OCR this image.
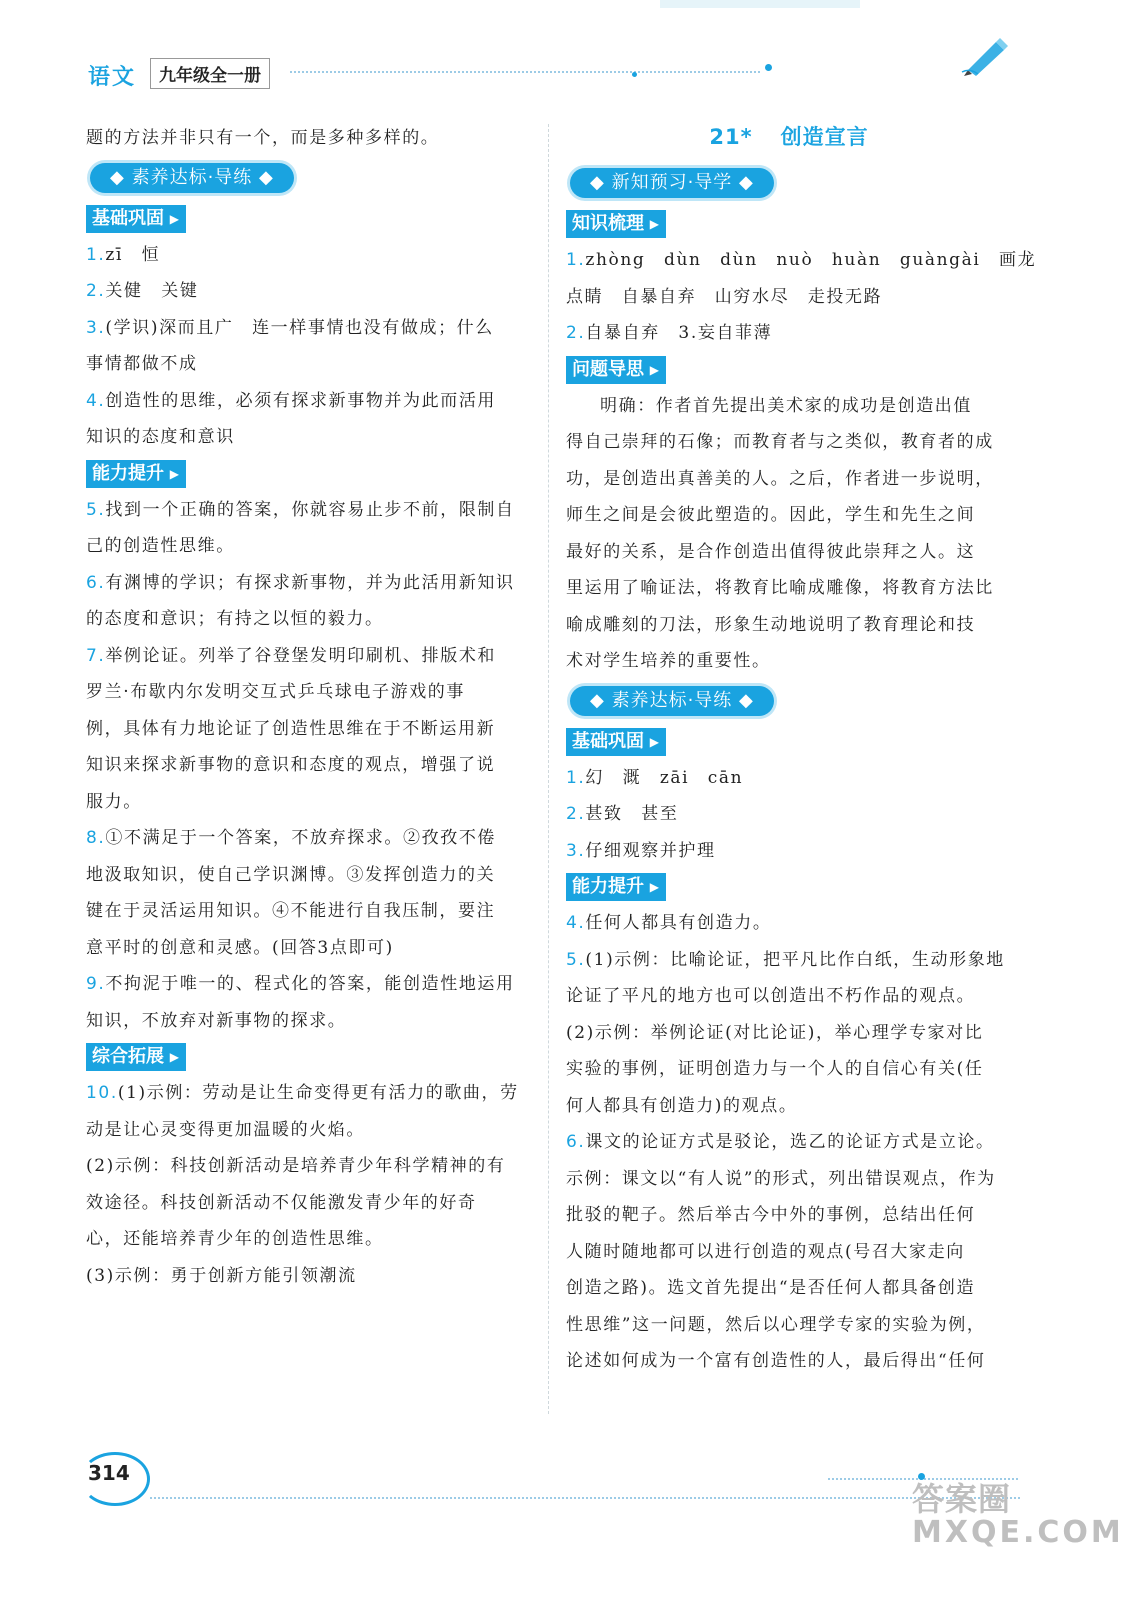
语文	九年级全一册
题的方法并非只有一个，而是多种多样的。
◆ 素养达标·导练 ◆
基础巩固 ▶
1.zī　恒
2.关健　关键
3.(学识)深而且广　连一样事情也没有做成；什么
事情都做不成
4.创造性的思维，必须有探求新事物并为此而活用
知识的态度和意识
能力提升 ▶
5.找到一个正确的答案，你就容易止步不前，限制自
己的创造性思维。
6.有渊博的学识；有探求新事物，并为此活用新知识
的态度和意识；有持之以恒的毅力。
7.举例论证。列举了谷登堡发明印刷机、排版术和
罗兰·布歇内尔发明交互式乒乓球电子游戏的事
例，具体有力地论证了创造性思维在于不断运用新
知识来探求新事物的意识和态度的观点，增强了说
服力。
8.①不满足于一个答案，不放弃探求。②孜孜不倦
地汲取知识，使自己学识渊博。③发挥创造力的关
键在于灵活运用知识。④不能进行自我压制，要注
意平时的创意和灵感。(回答3点即可)
9.不拘泥于唯一的、程式化的答案，能创造性地运用
知识，不放弃对新事物的探求。
综合拓展 ▶
10.(1)示例：劳动是让生命变得更有活力的歌曲，劳
动是让心灵变得更加温暖的火焰。
(2)示例：科技创新活动是培养青少年科学精神的有
效途径。科技创新活动不仅能激发青少年的好奇
心，还能培养青少年的创造性思维。
(3)示例：勇于创新方能引领潮流
21* 创造宣言
◆ 新知预习·导学 ◆
知识梳理 ▶
1.zhòng　dùn　dùn　nuò　huàn　guàngài　画龙
点睛　自暴自弃　山穷水尽　走投无路
2.自暴自弃　3.妄自菲薄
问题导思 ▶
明确：作者首先提出美术家的成功是创造出值
得自己崇拜的石像；而教育者与之类似，教育者的成
功，是创造出真善美的人。之后，作者进一步说明，
师生之间是会彼此塑造的。因此，学生和先生之间
最好的关系，是合作创造出值得彼此崇拜之人。这
里运用了喻证法，将教育比喻成雕像，将教育方法比
喻成雕刻的刀法，形象生动地说明了教育理论和技
术对学生培养的重要性。
◆ 素养达标·导练 ◆
基础巩固 ▶
1.幻　溉　zāi　cān
2.甚致　甚至
3.仔细观察并护理
能力提升 ▶
4.任何人都具有创造力。
5.(1)示例：比喻论证，把平凡比作白纸，生动形象地
论证了平凡的地方也可以创造出不朽作品的观点。
(2)示例：举例论证(对比论证)，举心理学专家对比
实验的事例，证明创造力与一个人的自信心有关(任
何人都具有创造力)的观点。
6.课文的论证方式是驳论，选乙的论证方式是立论。
示例：课文以“有人说”的形式，列出错误观点，作为
批驳的靶子。然后举古今中外的事例，总结出任何
人随时随地都可以进行创造的观点(号召大家走向
创造之路)。选文首先提出“是否任何人都具备创造
性思维”这一问题，然后以心理学专家的实验为例，
论述如何成为一个富有创造性的人，最后得出“任何
314
答案圈
MXQE.COM
